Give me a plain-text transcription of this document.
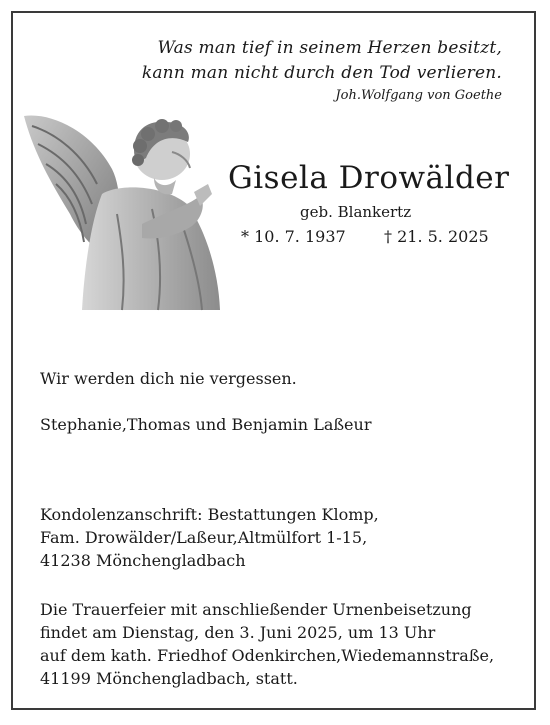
Was man tief in seinem Herzen besitzt,
kann man nicht durch den Tod verlieren.
Joh.Wolfgang von Goethe
Gisela Drowälder
geb. Blankertz
* 10. 7. 1937 † 21. 5. 2025
Wir werden dich nie vergessen.
Stephanie,Thomas und Benjamin Laßeur
Kondolenzanschrift: Bestattungen Klomp,
Fam. Drowälder/Laßeur,Altmülfort 1-15,
41238 Mönchengladbach
Die Trauerfeier mit anschließender Urnenbeisetzung
findet am Dienstag, den 3. Juni 2025, um 13 Uhr
auf dem kath. Friedhof Odenkirchen,Wiedemannstraße,
41199 Mönchengladbach, statt.
